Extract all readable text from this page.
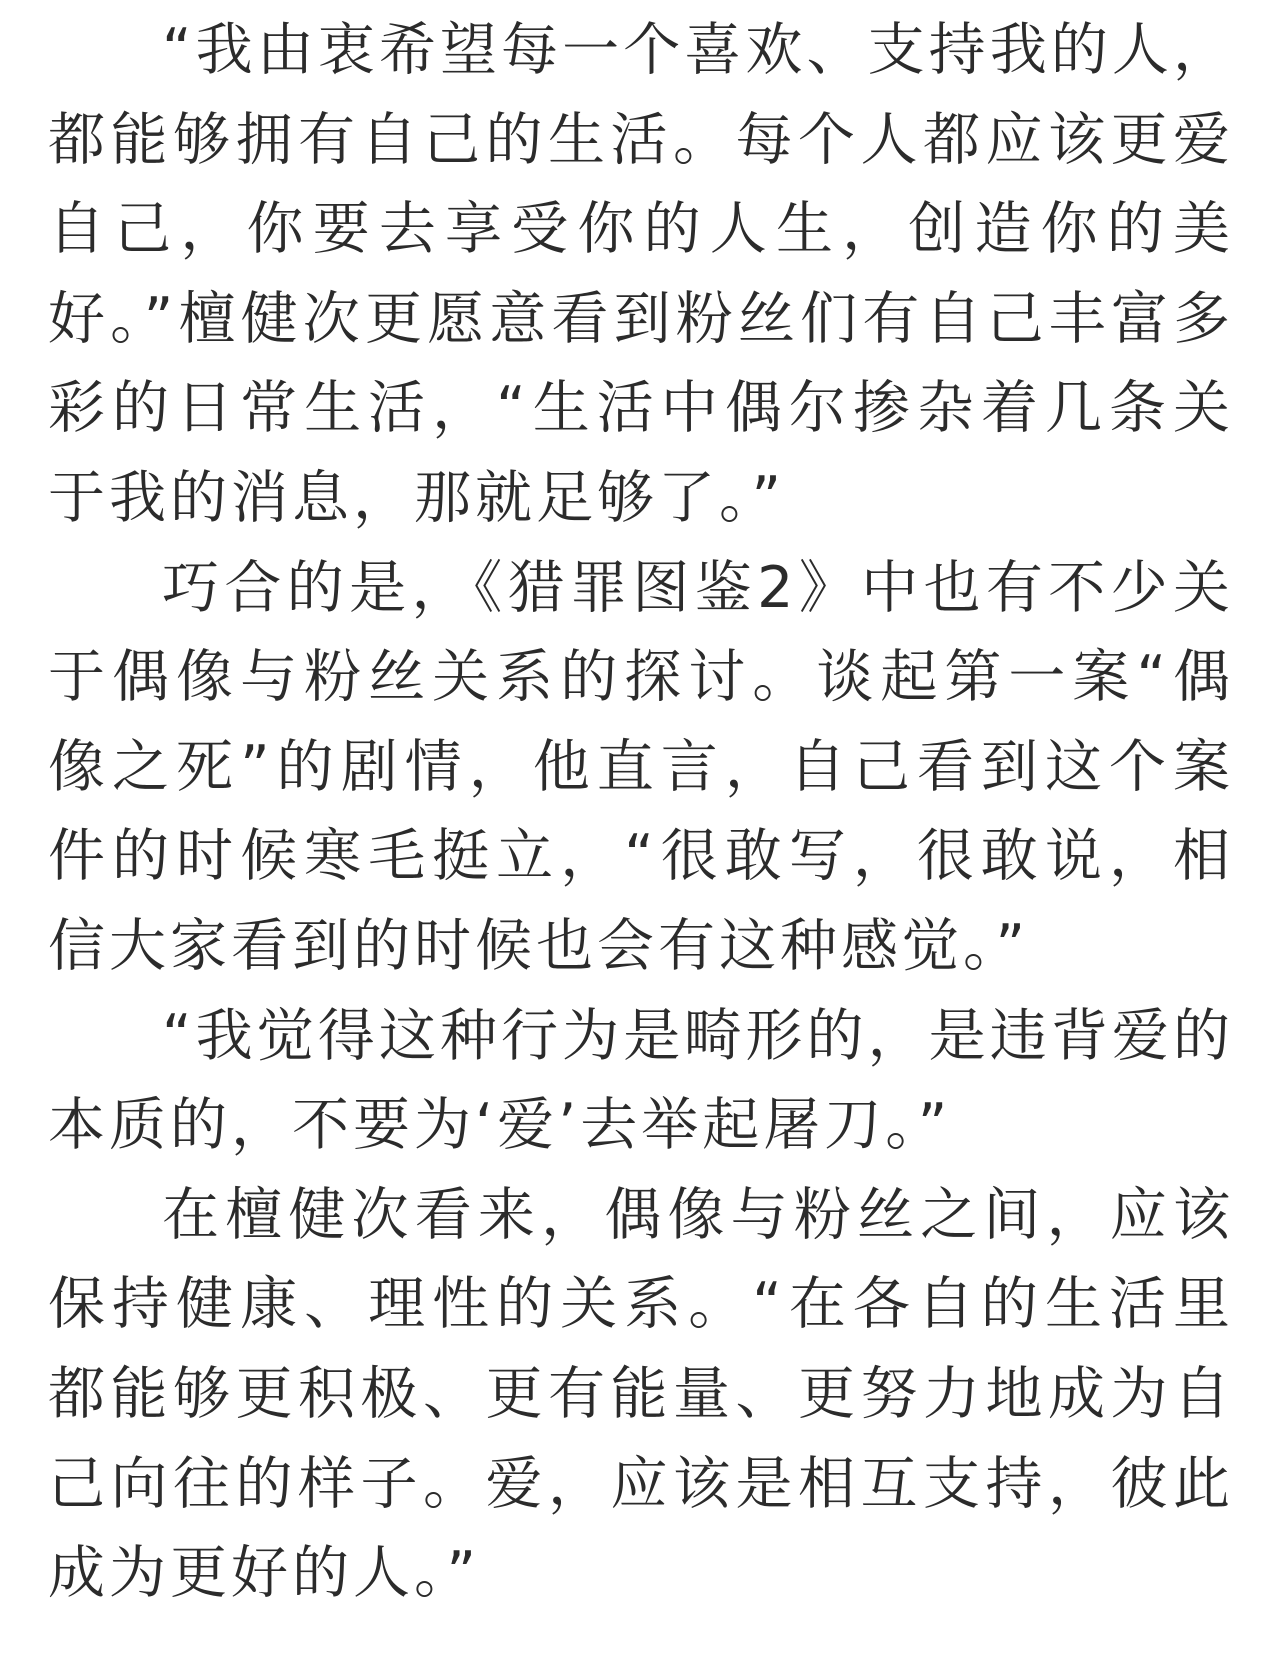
“我由衷希望每一个喜欢、支持我的人，都能够拥有自己的生活。每个人都应该更爱自己，你要去享受你的人生，创造你的美好。”檀健次更愿意看到粉丝们有自己丰富多彩的日常生活，“生活中偶尔掺杂着几条关于我的消息，那就足够了。”

巧合的是，《猎罪图鉴2》中也有不少关于偶像与粉丝关系的探讨。谈起第一案“偶像之死”的剧情，他直言，自己看到这个案件的时候寒毛挺立，“很敢写，很敢说，相信大家看到的时候也会有这种感觉。”

“我觉得这种行为是畸形的，是违背爱的本质的，不要为‘爱’去举起屠刀。”

在檀健次看来，偶像与粉丝之间，应该保持健康、理性的关系。“在各自的生活里都能够更积极、更有能量、更努力地成为自己向往的样子。爱，应该是相互支持，彼此成为更好的人。”
